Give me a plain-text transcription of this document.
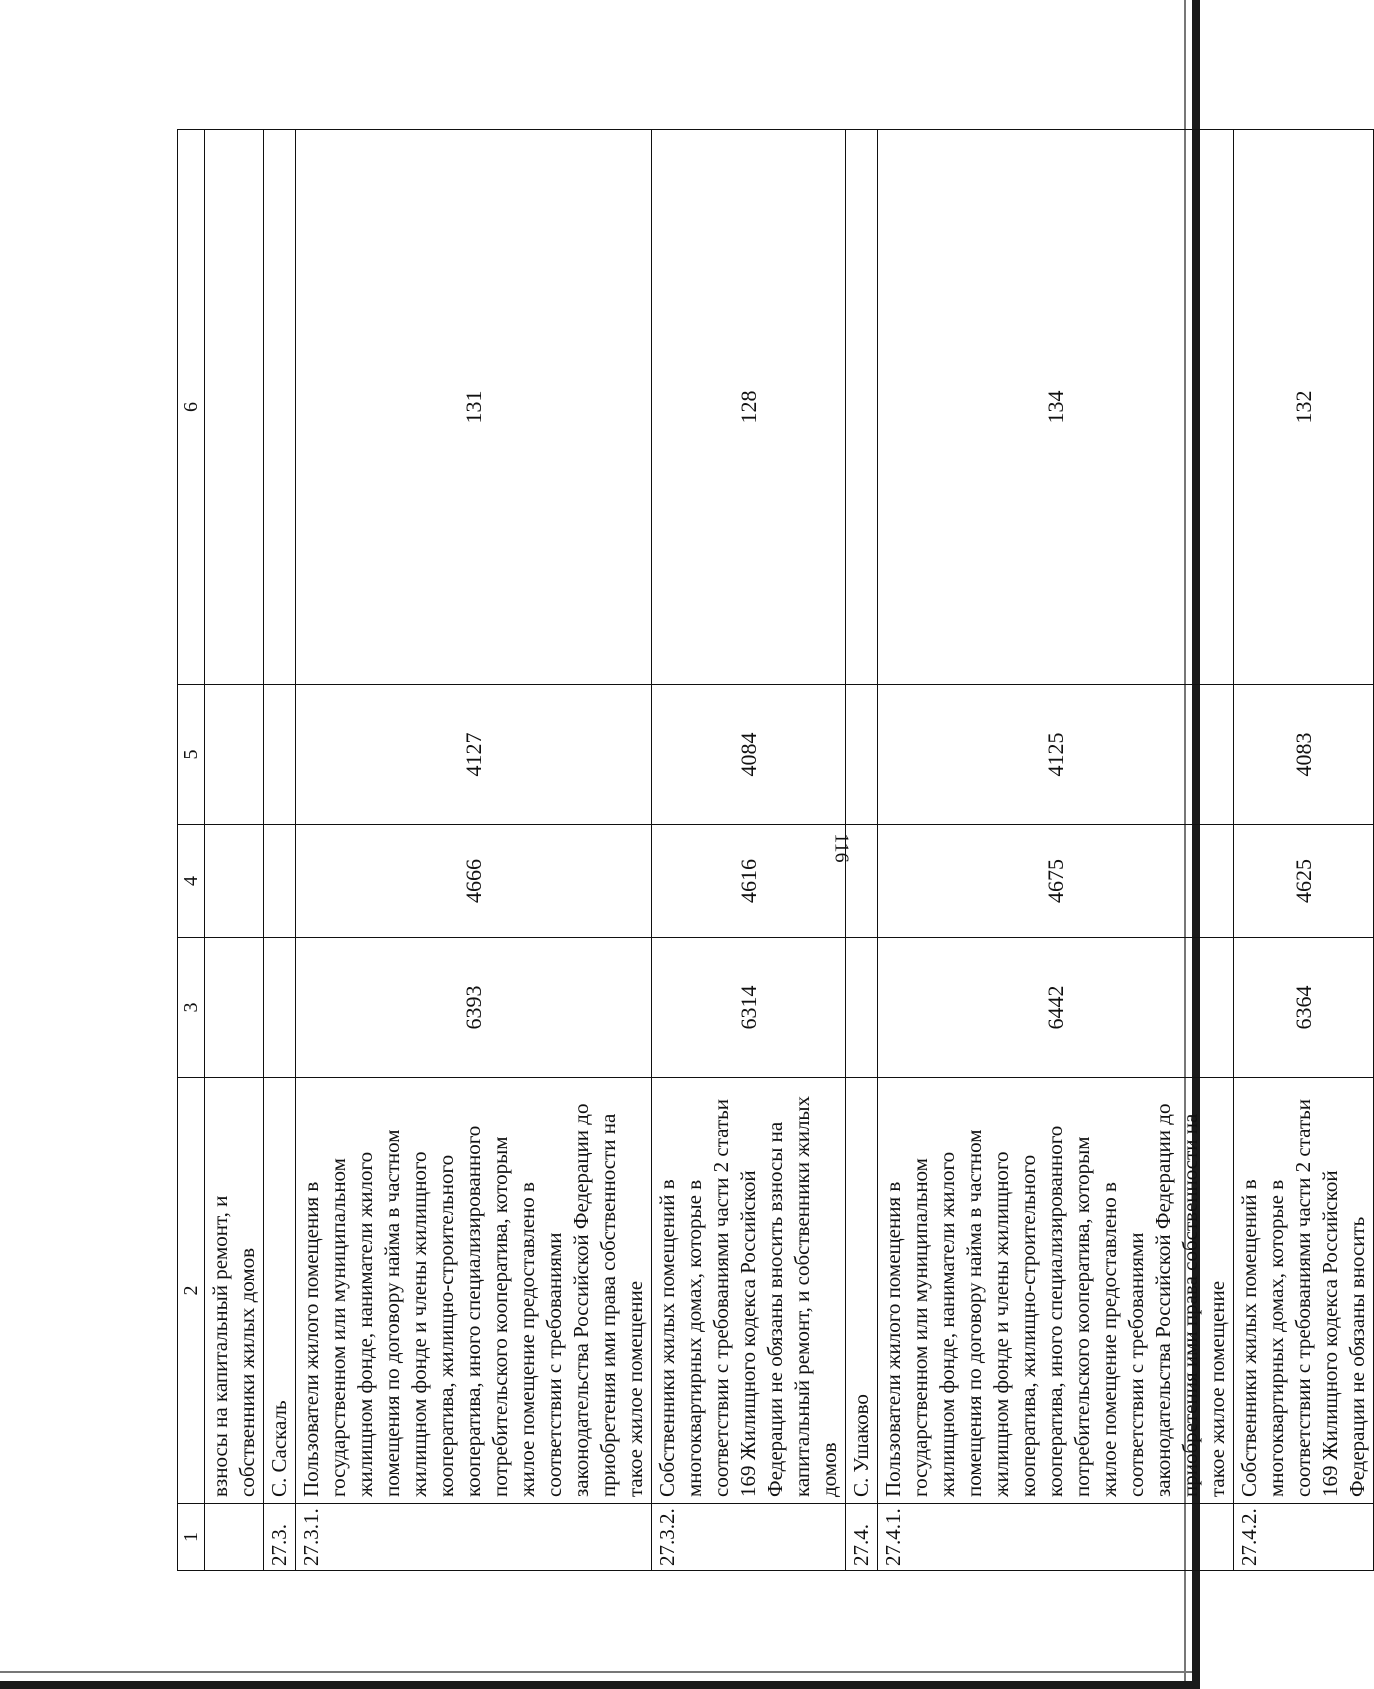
116
1	2	3	4	5	6
	взносы на капитальный ремонт, и собственники жилых домов				
27.3.	С. Саскаль				
27.3.1.	Пользователи жилого помещения в государственном или муниципальном жилищном фонде, наниматели жилого помещения по договору найма в частном жилищном фонде и члены жилищного кооператива, жилищно-строительного кооператива, иного специализированного потребительского кооператива, которым жилое помещение предоставлено в соответствии с требованиями законодательства Российской Федерации до приобретения ими права собственности на такое жилое помещение	6393	4666	4127	131
27.3.2.	Собственники жилых помещений в многоквартирных домах, которые в соответствии с требованиями части 2 статьи 169 Жилищного кодекса Российской Федерации не обязаны вносить взносы на капитальный ремонт, и собственники жилых домов	6314	4616	4084	128
27.4.	С. Ушаково				
27.4.1.	Пользователи жилого помещения в государственном или муниципальном жилищном фонде, наниматели жилого помещения по договору найма в частном жилищном фонде и члены жилищного кооператива, жилищно-строительного кооператива, иного специализированного потребительского кооператива, которым жилое помещение предоставлено в соответствии с требованиями законодательства Российской Федерации до приобретения ими права собственности на такое жилое помещение	6442	4675	4125	134
27.4.2.	Собственники жилых помещений в многоквартирных домах, которые в соответствии с требованиями части 2 статьи 169 Жилищного кодекса Российской Федерации не обязаны вносить	6364	4625	4083	132
